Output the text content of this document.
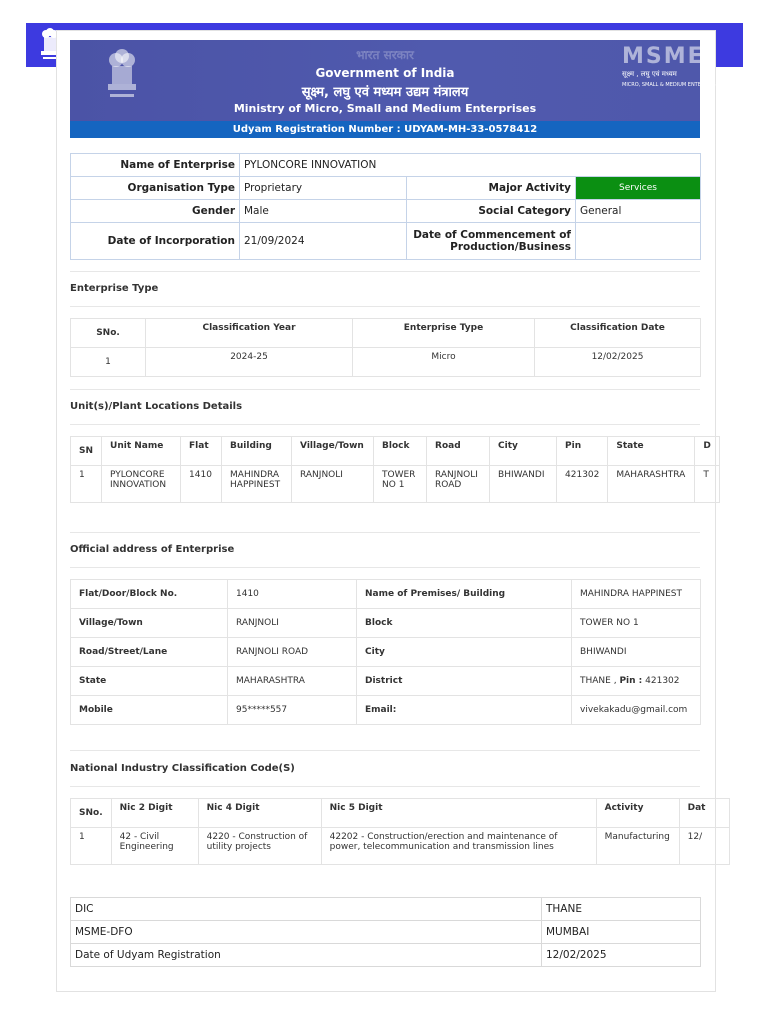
भारत सरकार
Government of India
सूक्ष्म, लघु एवं मध्यम उद्यम मंत्रालय
Ministry of Micro, Small and Medium Enterprises
MSME
सूक्ष्म , लघु एवं मध्यम
MICRO, SMALL & MEDIUM ENTERPRISES
Udyam Registration Number : UDYAM-MH-33-0578412
Name of Enterprise	PYLONCORE INNOVATION		
Organisation Type	Proprietary	Major Activity	Services
Gender	Male	Social Category	General
Date of Incorporation	21/09/2024	Date of Commencement of Production/Business	
Enterprise Type
SNo.	Classification Year	Enterprise Type	Classification Date
1	2024-25	Micro	12/02/2025
Unit(s)/Plant Locations Details
SN	Unit Name	Flat	Building	Village/Town	Block	Road	City	Pin	State	D
1	PYLONCORE INNOVATION	1410	MAHINDRA HAPPINEST	RANJNOLI	TOWER NO 1	RANJNOLI ROAD	BHIWANDI	421302	MAHARASHTRA	T
Official address of Enterprise
Flat/Door/Block No.	1410	Name of Premises/ Building	MAHINDRA HAPPINEST
Village/Town	RANJNOLI	Block	TOWER NO 1
Road/Street/Lane	RANJNOLI ROAD	City	BHIWANDI
State	MAHARASHTRA	District	THANE , Pin : 421302
Mobile	95*****557	Email:	vivekakadu@gmail.com
National Industry Classification Code(S)
SNo.	Nic 2 Digit	Nic 4 Digit	Nic 5 Digit	Activity	Dat
1	42 - Civil Engineering	4220 - Construction of utility projects	42202 - Construction/erection and maintenance of power, telecommunication and transmission lines	Manufacturing	12/
DIC	THANE
MSME-DFO	MUMBAI
Date of Udyam Registration	12/02/2025
